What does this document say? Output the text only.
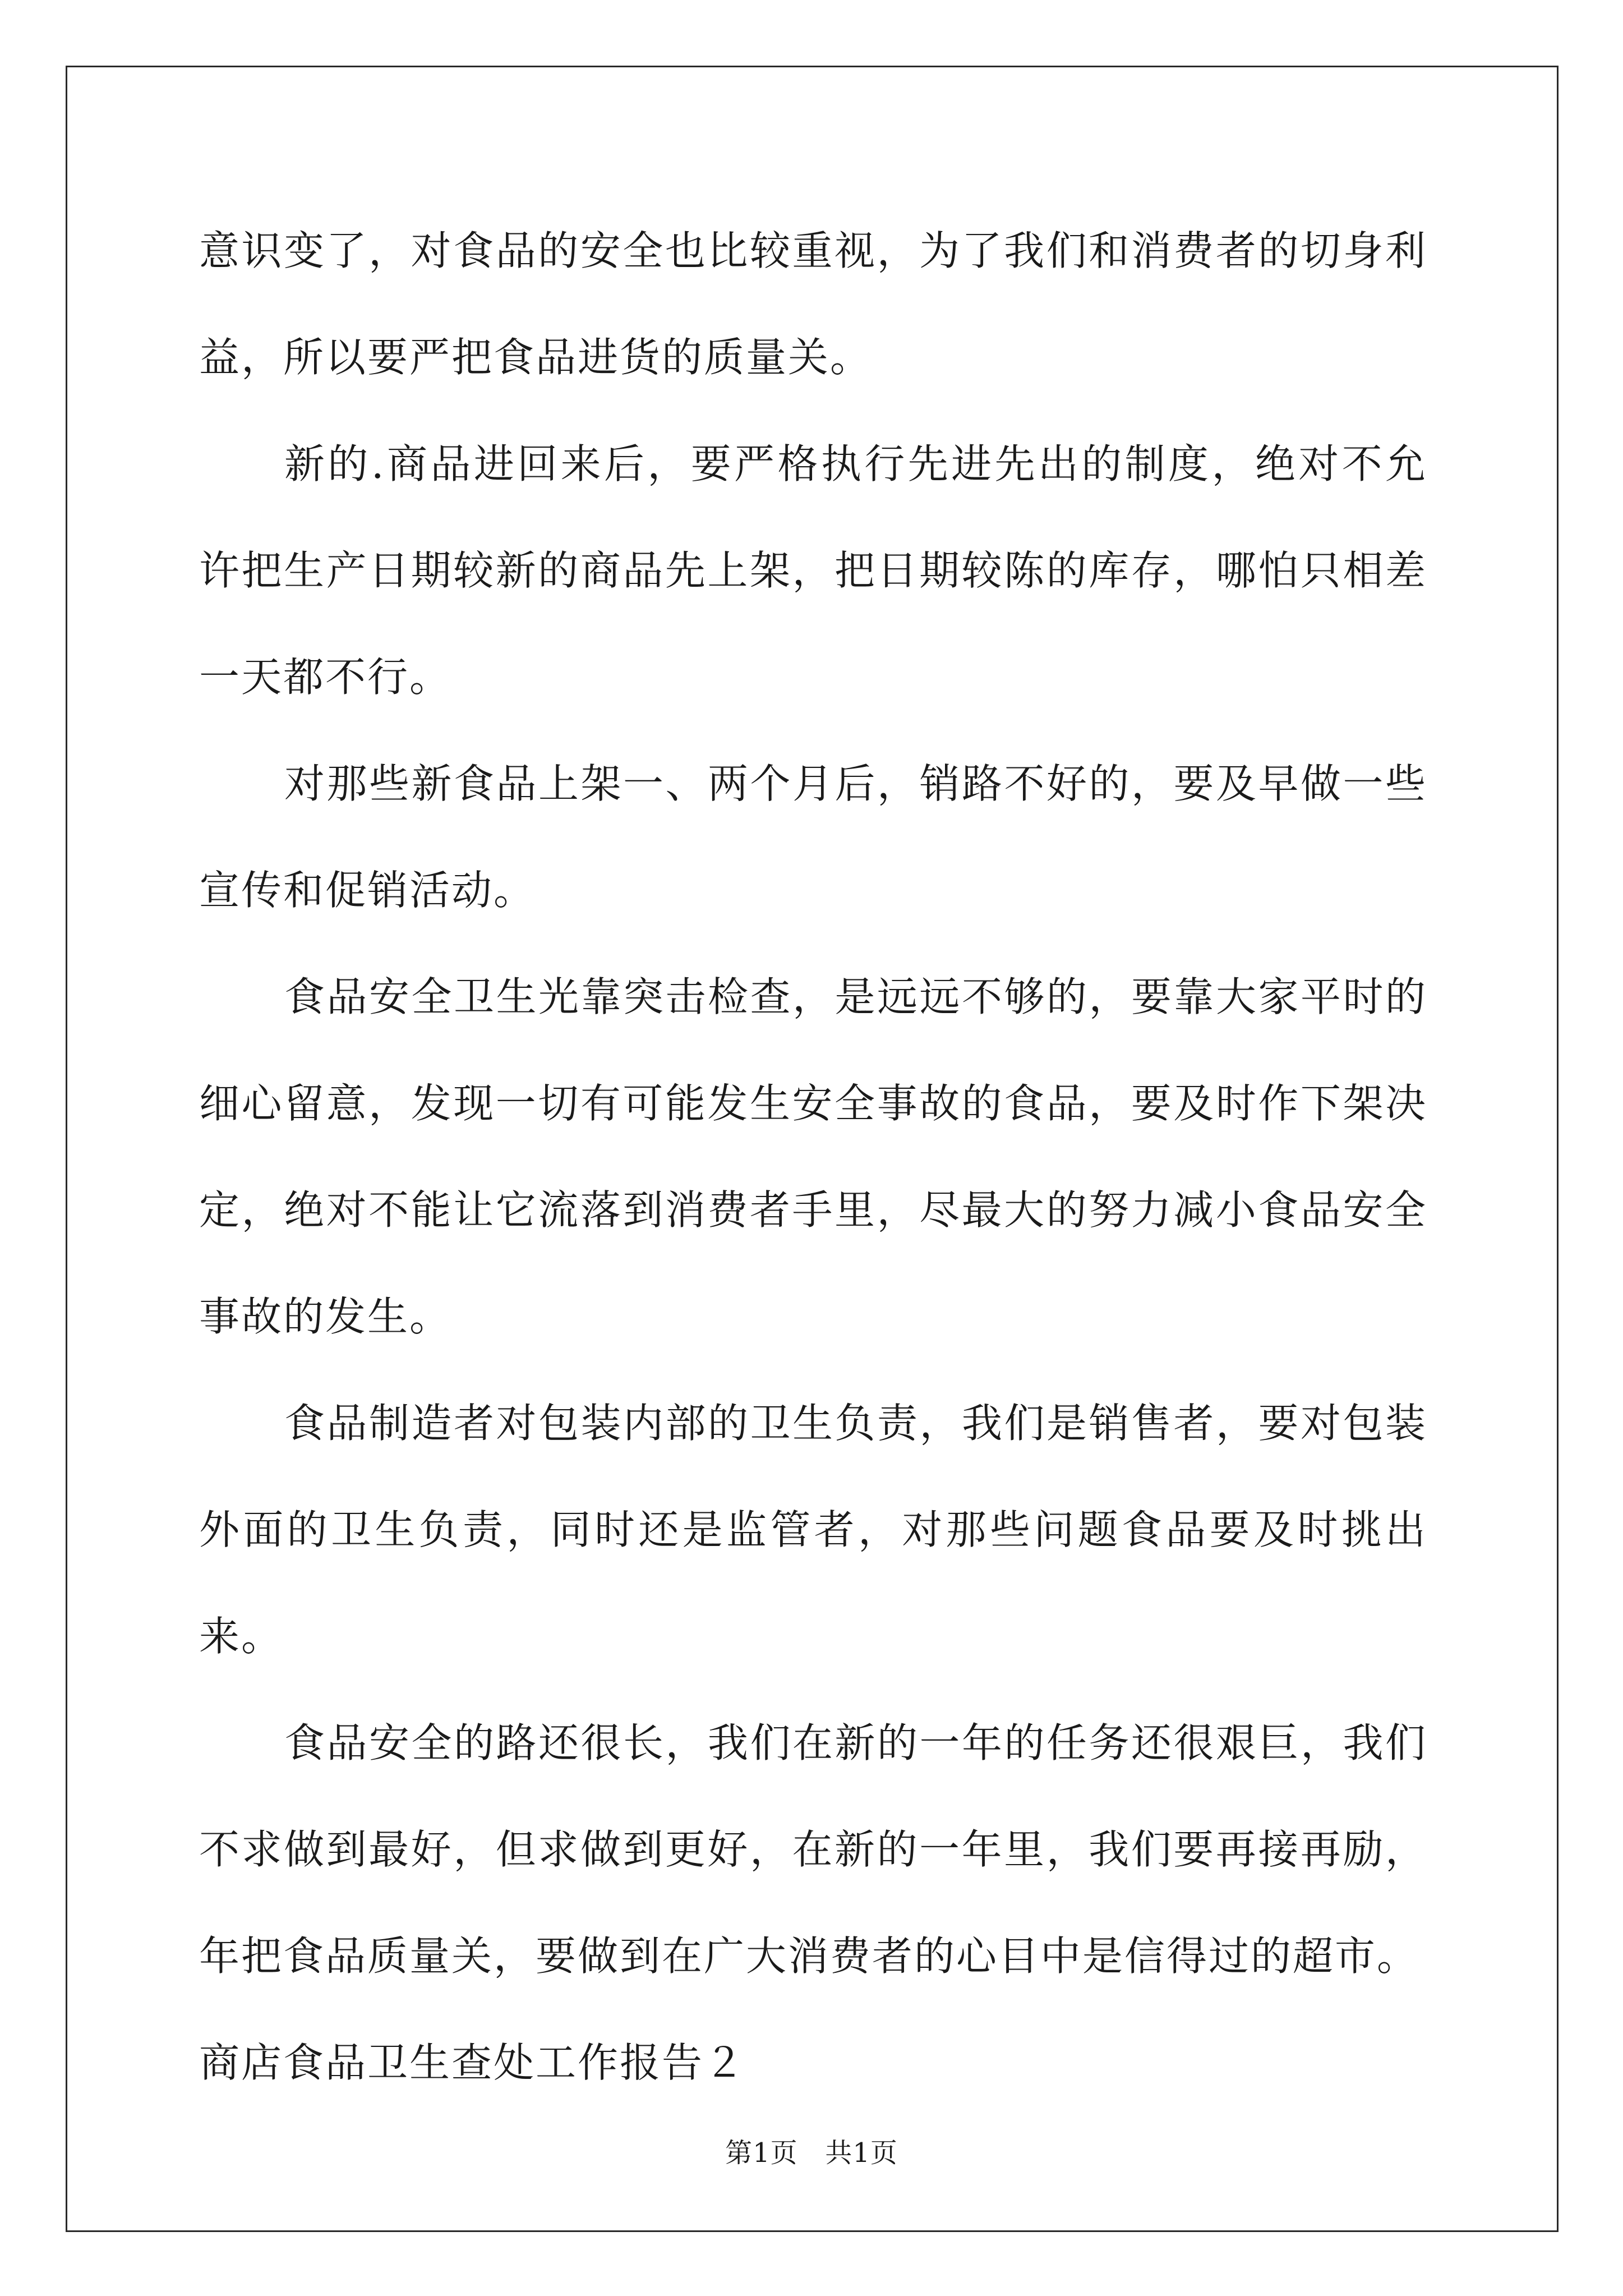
意识变了，对食品的安全也比较重视，为了我们和消费者的切身利益，所以要严把食品进货的质量关。

新的.商品进回来后，要严格执行先进先出的制度，绝对不允许把生产日期较新的商品先上架，把日期较陈的库存，哪怕只相差一天都不行。

对那些新食品上架一、两个月后，销路不好的，要及早做一些宣传和促销活动。

食品安全卫生光靠突击检查，是远远不够的，要靠大家平时的细心留意，发现一切有可能发生安全事故的食品，要及时作下架决定，绝对不能让它流落到消费者手里，尽最大的努力减小食品安全事故的发生。

食品制造者对包装内部的卫生负责，我们是销售者，要对包装外面的卫生负责，同时还是监管者，对那些问题食品要及时挑出来。

食品安全的路还很长，我们在新的一年的任务还很艰巨，我们不求做到最好，但求做到更好，在新的一年里，我们要再接再励，年把食品质量关，要做到在广大消费者的心目中是信得过的超市。

商店食品卫生查处工作报告２

第1页 共1页
